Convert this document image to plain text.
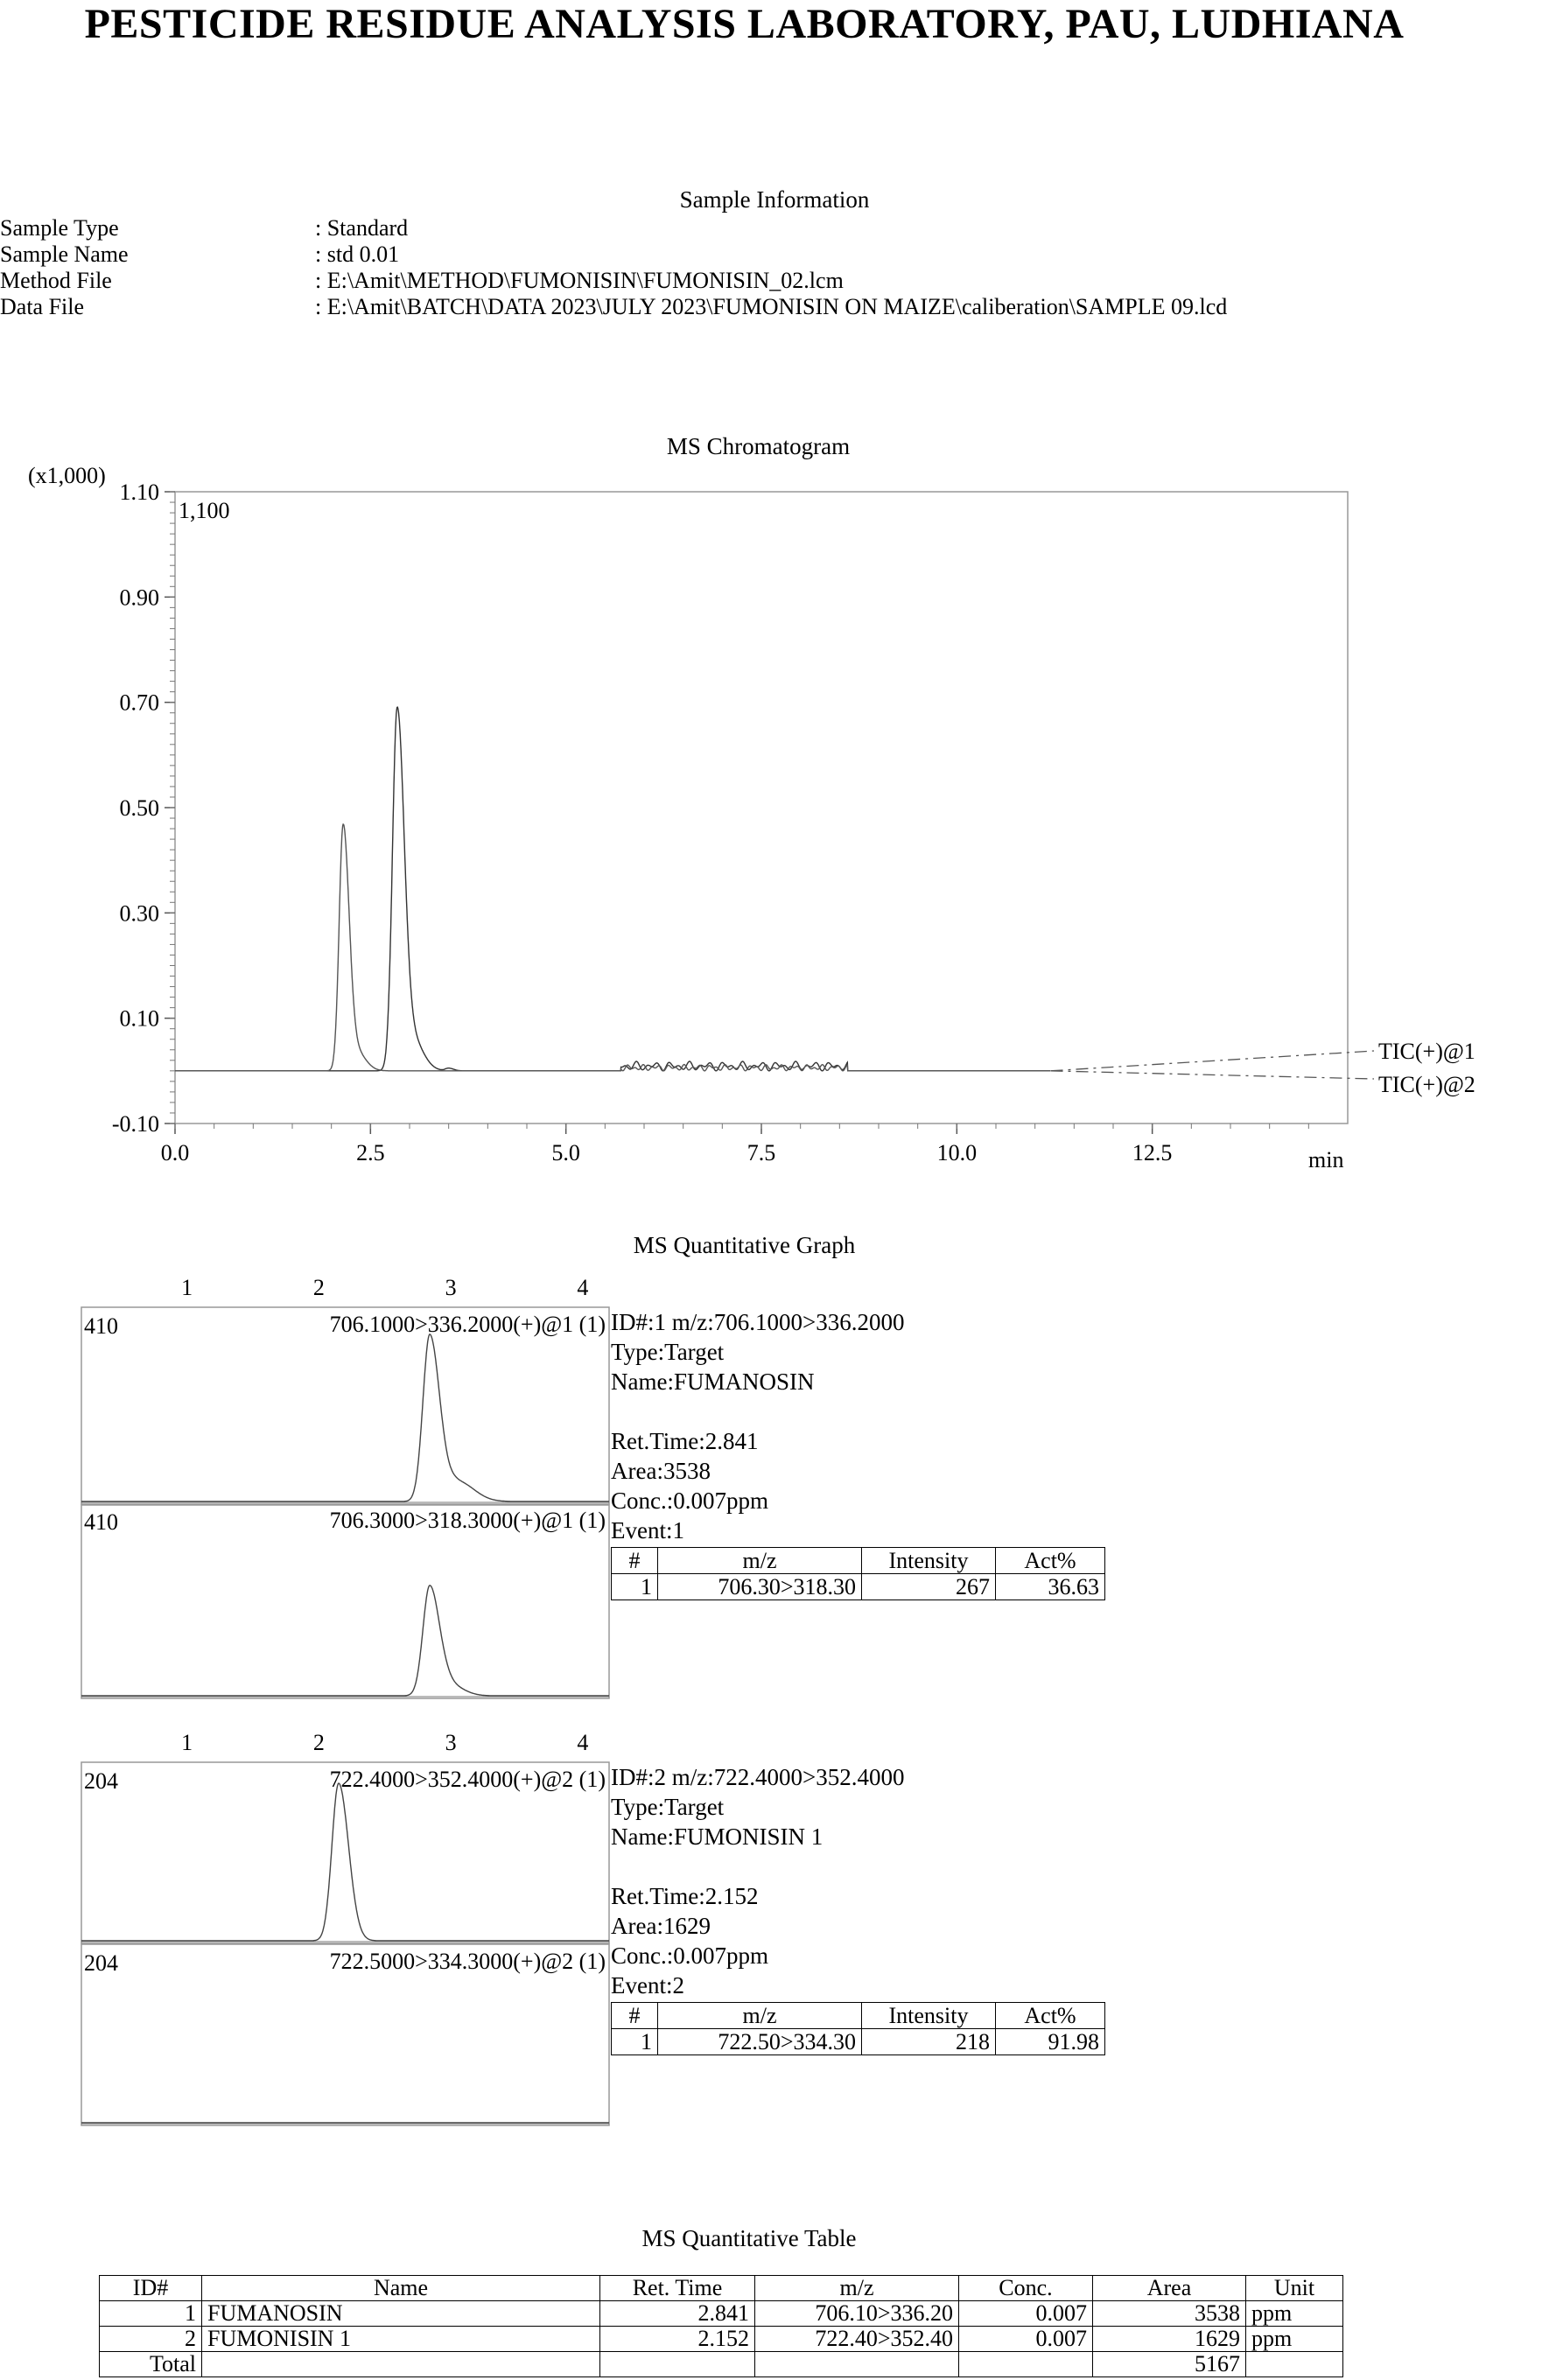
PESTICIDE RESIDUE ANALYSIS LABORATORY, PAU, LUDHIANA
Sample Information
Sample Type	: Standard
Sample Name	: std 0.01
Method File	: E:\Amit\METHOD\FUMONISIN\FUMONISIN_02.lcm
Data File	: E:\Amit\BATCH\DATA 2023\JULY 2023\FUMONISIN ON MAIZE\caliberation\SAMPLE 09.lcd
MS Chromatogram
(x1,000)
1,100
min
TIC(+)@1
TIC(+)@2
-0.10
0.10
0.30
0.50
0.70
0.90
1.10
0.0	2.5	5.0	7.5	10.0	12.5
MS Quantitative Graph
410	706.1000>336.2000(+)@1 (1)
410	706.3000>318.3000(+)@1 (1)
1	2	3	4
ID#:1 m/z:706.1000>336.2000
Type:Target
Name:FUMANOSIN
Ret.Time:2.841
Area:3538
Conc.:0.007ppm
Event:1
#	m/z	Intensity	Act%
1	706.30>318.30	267	36.63
204	722.4000>352.4000(+)@2 (1)
204	722.5000>334.3000(+)@2 (1)
1	2	3	4
ID#:2 m/z:722.4000>352.4000
Type:Target
Name:FUMONISIN 1
Ret.Time:2.152
Area:1629
Conc.:0.007ppm
Event:2
#	m/z	Intensity	Act%
1	722.50>334.30	218	91.98
MS Quantitative Table
ID#	Name	Ret. Time	m/z	Conc.	Area	Unit
1	FUMANOSIN	2.841	706.10>336.20	0.007	3538	ppm
2	FUMONISIN 1	2.152	722.40>352.40	0.007	1629	ppm
Total					5167	
